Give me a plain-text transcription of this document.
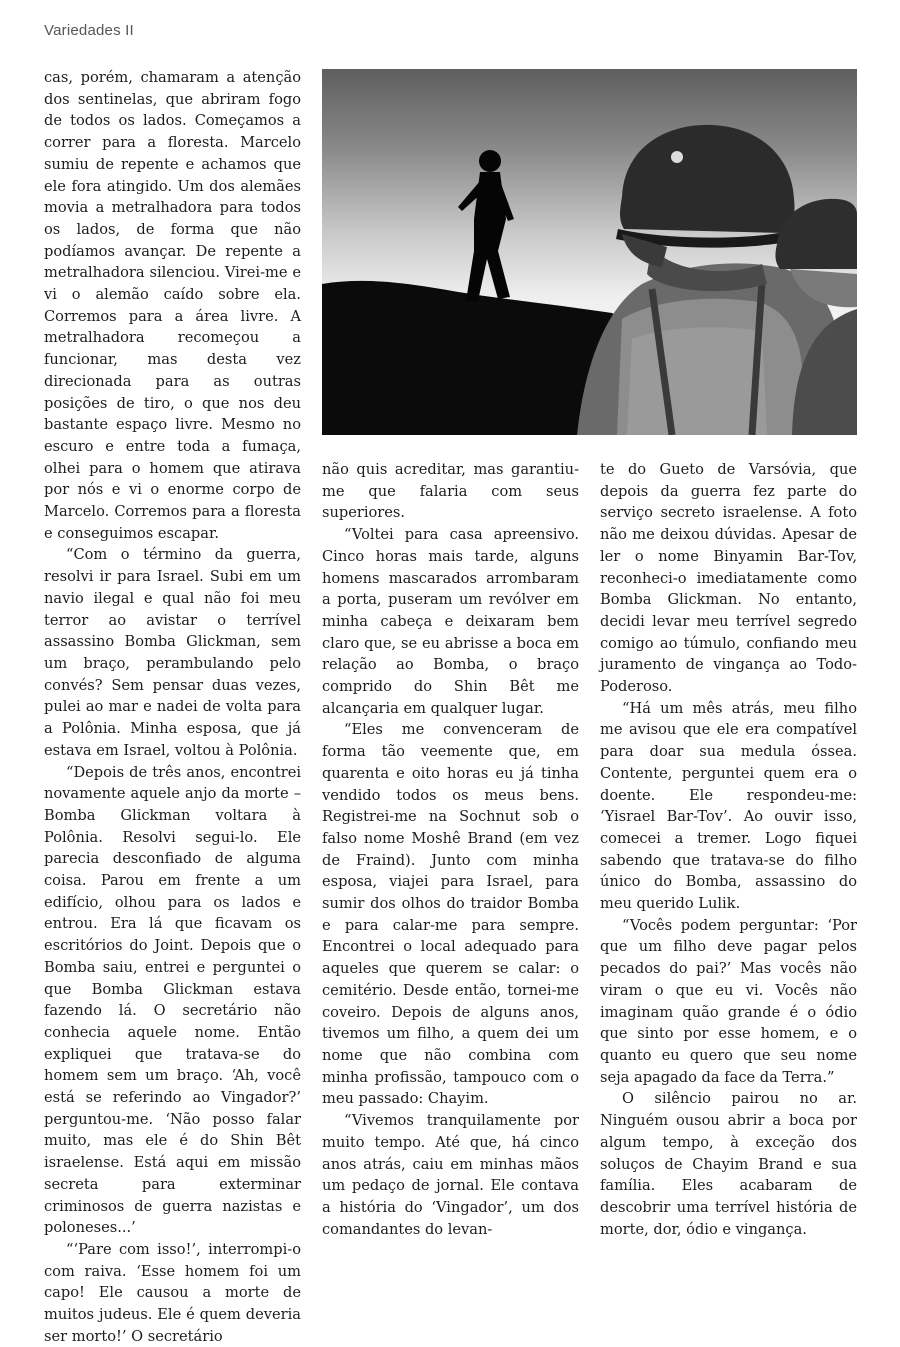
Variedades II

cas, porém, chamaram a atenção dos sentinelas, que abriram fogo de todos os lados. Começamos a correr para a floresta. Marcelo sumiu de repente e achamos que ele fora atingido. Um dos alemães movia a metralhadora para todos os lados, de forma que não podíamos avançar. De repente a metralhadora silenciou. Virei-me e vi o alemão caído sobre ela. Corremos para a área livre. A metralhadora recomeçou a funcionar, mas desta vez direcionada para as outras posições de tiro, o que nos deu bastante espaço livre. Mesmo no escuro e entre toda a fumaça, olhei para o homem que atirava por nós e vi o enorme corpo de Marcelo. Corremos para a floresta e conseguimos escapar.

“Com o término da guerra, resolvi ir para Israel. Subi em um navio ilegal e qual não foi meu terror ao avistar o terrível assassino Bomba Glickman, sem um braço, perambulando pelo convés? Sem pensar duas vezes, pulei ao mar e nadei de volta para a Polônia. Minha esposa, que já estava em Israel, voltou à Polônia.

“Depois de três anos, encontrei novamente aquele anjo da morte – Bomba Glickman voltara à Polônia. Resolvi segui-lo. Ele parecia desconfiado de alguma coisa. Parou em frente a um edifício, olhou para os lados e entrou. Era lá que ficavam os escritórios do Joint. Depois que o Bomba saiu, entrei e perguntei o que Bomba Glickman estava fazendo lá. O secretário não conhecia aquele nome. Então expliquei que tratava-se do homem sem um braço. ‘Ah, você está se referindo ao Vingador?’ perguntou-me. ‘Não posso falar muito, mas ele é do Shin Bêt israelense. Está aqui em missão secreta para exterminar criminosos de guerra nazistas e poloneses...’

“‘Pare com isso!’, interrompi-o com raiva. ‘Esse homem foi um capo! Ele causou a morte de muitos judeus. Ele é quem deveria ser morto!’ O secretário

não quis acreditar, mas garantiu-me que falaria com seus superiores.

“Voltei para casa apreensivo. Cinco horas mais tarde, alguns homens mascarados arrombaram a porta, puseram um revólver em minha cabeça e deixaram bem claro que, se eu abrisse a boca em relação ao Bomba, o braço comprido do Shin Bêt me alcançaria em qualquer lugar.

“Eles me convenceram de forma tão veemente que, em quarenta e oito horas eu já tinha vendido todos os meus bens. Registrei-me na Sochnut sob o falso nome Moshê Brand (em vez de Fraind). Junto com minha esposa, viajei para Israel, para sumir dos olhos do traidor Bomba e para calar-me para sempre. Encontrei o local adequado para aqueles que querem se calar: o cemitério. Desde então, tornei-me coveiro. Depois de alguns anos, tivemos um filho, a quem dei um nome que não combina com minha profissão, tampouco com o meu passado: Chayim.

“Vivemos tranquilamente por muito tempo. Até que, há cinco anos atrás, caiu em minhas mãos um pedaço de jornal. Ele contava a história do ‘Vingador’, um dos comandantes do levan-

te do Gueto de Varsóvia, que depois da guerra fez parte do serviço secreto israelense. A foto não me deixou dúvidas. Apesar de ler o nome Binyamin Bar-Tov, reconheci-o imediatamente como Bomba Glickman. No entanto, decidi levar meu terrível segredo comigo ao túmulo, confiando meu juramento de vingança ao Todo-Poderoso.

“Há um mês atrás, meu filho me avisou que ele era compatível para doar sua medula óssea. Contente, perguntei quem era o doente. Ele respondeu-me: ‘Yisrael Bar-Tov’. Ao ouvir isso, comecei a tremer. Logo fiquei sabendo que tratava-se do filho único do Bomba, assassino do meu querido Lulik.

“Vocês podem perguntar: ‘Por que um filho deve pagar pelos pecados do pai?’ Mas vocês não viram o que eu vi. Vocês não imaginam quão grande é o ódio que sinto por esse homem, e o quanto eu quero que seu nome seja apagado da face da Terra.”

O silêncio pairou no ar. Ninguém ousou abrir a boca por algum tempo, à exceção dos soluços de Chayim Brand e sua família. Eles acabaram de descobrir uma terrível história de morte, dor, ódio e vingança.
